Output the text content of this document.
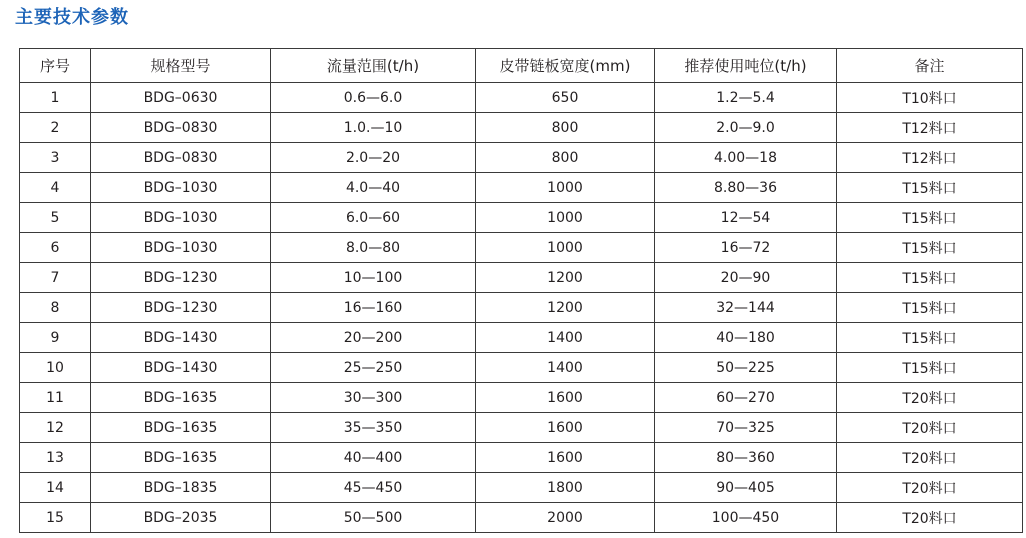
主要技术参数
序号	规格型号	流量范围(t/h)	皮带链板宽度(mm)	推荐使用吨位(t/h)	备注
1	BDG–0630	0.6—6.0	650	1.2—5.4	T10料口
2	BDG–0830	1.0.—10	800	2.0—9.0	T12料口
3	BDG–0830	2.0—20	800	4.00—18	T12料口
4	BDG–1030	4.0—40	1000	8.80—36	T15料口
5	BDG–1030	6.0—60	1000	12—54	T15料口
6	BDG–1030	8.0—80	1000	16—72	T15料口
7	BDG–1230	10—100	1200	20—90	T15料口
8	BDG–1230	16—160	1200	32—144	T15料口
9	BDG–1430	20—200	1400	40—180	T15料口
10	BDG–1430	25—250	1400	50—225	T15料口
11	BDG–1635	30—300	1600	60—270	T20料口
12	BDG–1635	35—350	1600	70—325	T20料口
13	BDG–1635	40—400	1600	80—360	T20料口
14	BDG–1835	45—450	1800	90—405	T20料口
15	BDG–2035	50—500	2000	100—450	T20料口
